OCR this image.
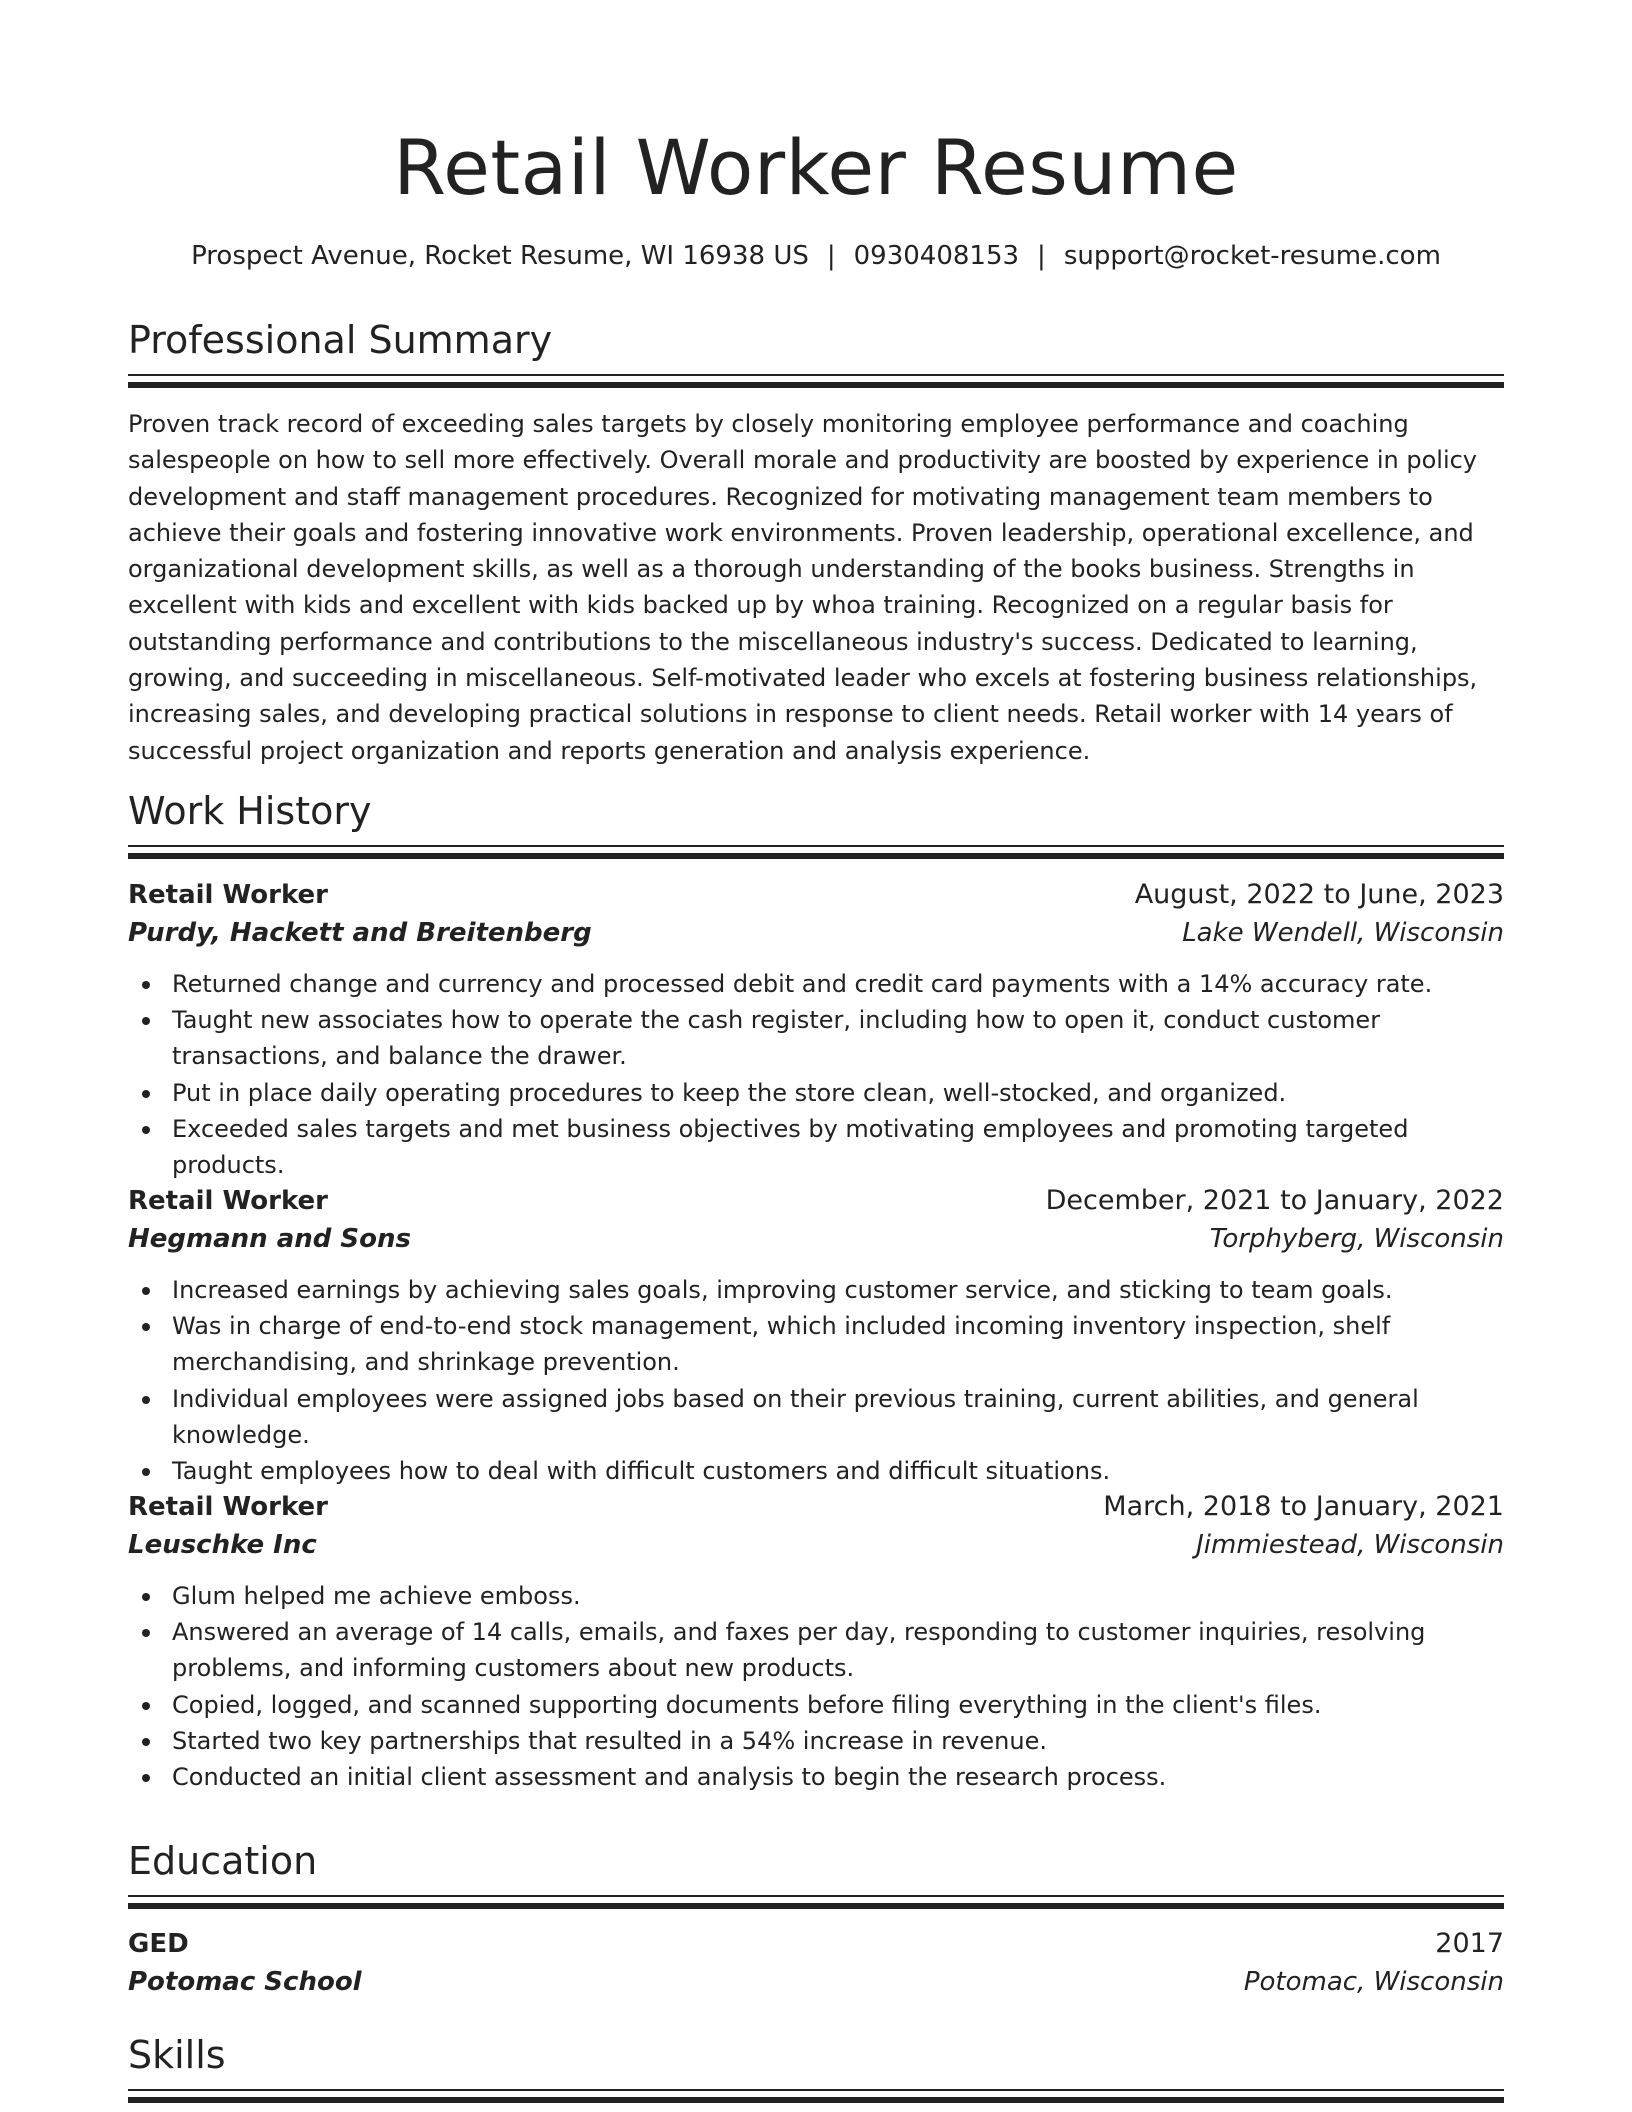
Retail Worker Resume
Prospect Avenue, Rocket Resume, WI 16938 US | 0930408153 | support@rocket-resume.com
Professional Summary

Proven track record of exceeding sales targets by closely monitoring employee performance and coaching salespeople on how to sell more effectively. Overall morale and productivity are boosted by experience in policy development and staff management procedures. Recognized for motivating management team members to achieve their goals and fostering innovative work environments. Proven leadership, operational excellence, and organizational development skills, as well as a thorough understanding of the books business. Strengths in excellent with kids and excellent with kids backed up by whoa training. Recognized on a regular basis for outstanding performance and contributions to the miscellaneous industry's success. Dedicated to learning, growing, and succeeding in miscellaneous. Self-motivated leader who excels at fostering business relationships, increasing sales, and developing practical solutions in response to client needs. Retail worker with 14 years of successful project organization and reports generation and analysis experience.

Work History
Retail Worker	August, 2022 to June, 2023
Purdy, Hackett and Breitenberg	Lake Wendell, Wisconsin
Returned change and currency and processed debit and credit card payments with a 14% accuracy rate.
Taught new associates how to operate the cash register, including how to open it, conduct customer transactions, and balance the drawer.
Put in place daily operating procedures to keep the store clean, well-stocked, and organized.
Exceeded sales targets and met business objectives by motivating employees and promoting targeted products.
Retail Worker	December, 2021 to January, 2022
Hegmann and Sons	Torphyberg, Wisconsin
Increased earnings by achieving sales goals, improving customer service, and sticking to team goals.
Was in charge of end-to-end stock management, which included incoming inventory inspection, shelf merchandising, and shrinkage prevention.
Individual employees were assigned jobs based on their previous training, current abilities, and general knowledge.
Taught employees how to deal with difficult customers and difficult situations.
Retail Worker	March, 2018 to January, 2021
Leuschke Inc	Jimmiestead, Wisconsin
Glum helped me achieve emboss.
Answered an average of 14 calls, emails, and faxes per day, responding to customer inquiries, resolving problems, and informing customers about new products.
Copied, logged, and scanned supporting documents before filing everything in the client's files.
Started two key partnerships that resulted in a 54% increase in revenue.
Conducted an initial client assessment and analysis to begin the research process.
Education
GED	2017
Potomac School	Potomac, Wisconsin
Skills
